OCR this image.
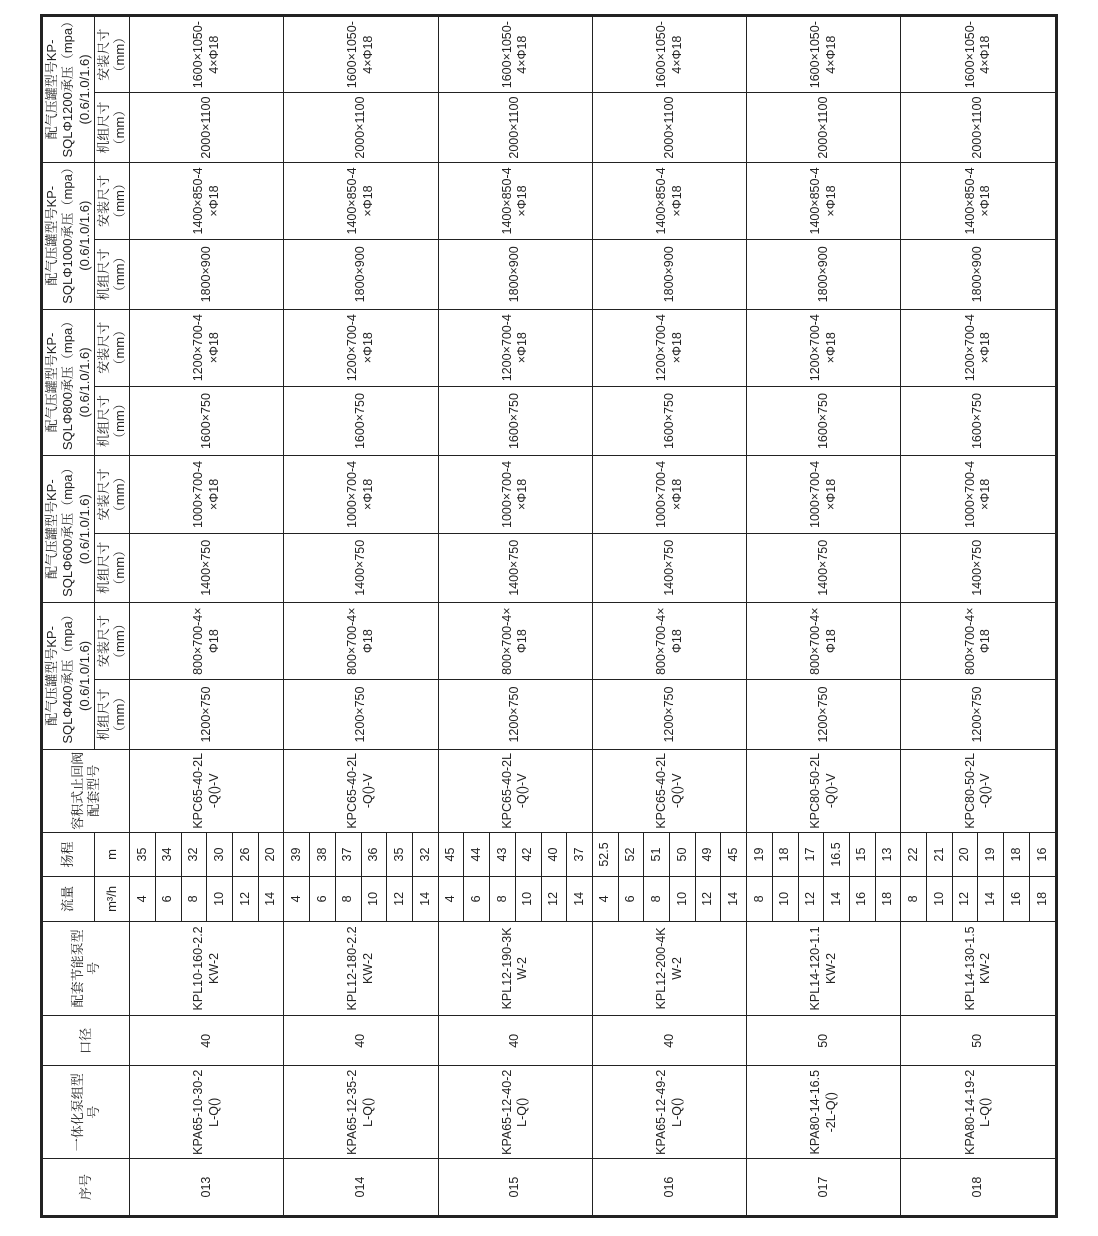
序号	一体化泵组型号	口径	配套节能泵型号	流量	扬程	容积式止回阀配套型号	配气压罐型号KP-SQLΦ400承压（mpa）(0.6/1.0/1.6)		配气压罐型号KP-SQLΦ600承压（mpa）(0.6/1.0/1.6)		配气压罐型号KP-SQLΦ800承压（mpa）(0.6/1.0/1.6)		配气压罐型号KP-SQLΦ1000承压（mpa）(0.6/1.0/1.6)		配气压罐型号KP-SQLΦ1200承压（mpa）(0.6/1.0/1.6)	
				m³/h	m		机组尺寸（mm）	安装尺寸（mm）	机组尺寸（mm）	安装尺寸（mm）	机组尺寸（mm）	安装尺寸（mm）	机组尺寸（mm）	安装尺寸（mm）	机组尺寸（mm）	安装尺寸（mm）
013	KPA65-10-30-2L-Q()	40	KPL10-160-2.2KW-2	4	35	KPC65-40-2L-Q()-V	1200×750	800×700-4×Φ18	1400×750	1000×700-4×Φ18	1600×750	1200×700-4×Φ18	1800×900	1400×850-4×Φ18	2000×1100	1600×1050-4×Φ18
				6	34											
				8	32											
				10	30											
				12	26											
				14	20											
014	KPA65-12-35-2L-Q()	40	KPL12-180-2.2KW-2	4	39	KPC65-40-2L-Q()-V	1200×750	800×700-4×Φ18	1400×750	1000×700-4×Φ18	1600×750	1200×700-4×Φ18	1800×900	1400×850-4×Φ18	2000×1100	1600×1050-4×Φ18
				6	38											
				8	37											
				10	36											
				12	35											
				14	32											
015	KPA65-12-40-2L-Q()	40	KPL12-190-3KW-2	4	45	KPC65-40-2L-Q()-V	1200×750	800×700-4×Φ18	1400×750	1000×700-4×Φ18	1600×750	1200×700-4×Φ18	1800×900	1400×850-4×Φ18	2000×1100	1600×1050-4×Φ18
				6	44											
				8	43											
				10	42											
				12	40											
				14	37											
016	KPA65-12-49-2L-Q()	40	KPL12-200-4KW-2	4	52.5	KPC65-40-2L-Q()-V	1200×750	800×700-4×Φ18	1400×750	1000×700-4×Φ18	1600×750	1200×700-4×Φ18	1800×900	1400×850-4×Φ18	2000×1100	1600×1050-4×Φ18
				6	52											
				8	51											
				10	50											
				12	49											
				14	45											
017	KPA80-14-16.5-2L-Q()	50	KPL14-120-1.1KW-2	8	19	KPC80-50-2L-Q()-V	1200×750	800×700-4×Φ18	1400×750	1000×700-4×Φ18	1600×750	1200×700-4×Φ18	1800×900	1400×850-4×Φ18	2000×1100	1600×1050-4×Φ18
				10	18											
				12	17											
				14	16.5											
				16	15											
				18	13											
018	KPA80-14-19-2L-Q()	50	KPL14-130-1.5KW-2	8	22	KPC80-50-2L-Q()-V	1200×750	800×700-4×Φ18	1400×750	1000×700-4×Φ18	1600×750	1200×700-4×Φ18	1800×900	1400×850-4×Φ18	2000×1100	1600×1050-4×Φ18
				10	21											
				12	20											
				14	19											
				16	18											
				18	16											
